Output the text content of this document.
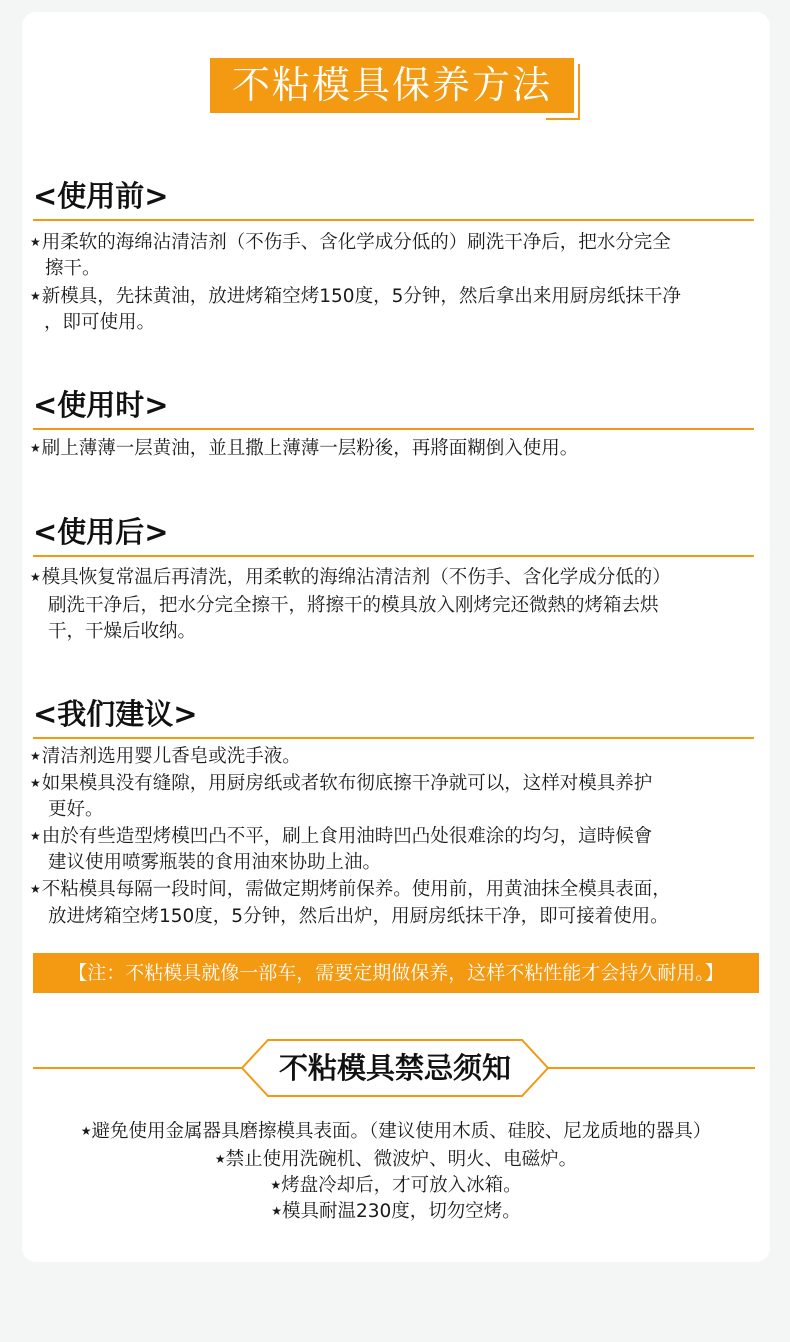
不粘模具保养方法
<使用前>
★用柔软的海绵沾清洁剂（不伤手、含化学成分低的）刷洗干净后，把水分完全
擦干。
★新模具，先抹黄油，放进烤箱空烤150度，5分钟，然后拿出来用厨房纸抹干净
，即可使用。
<使用时>
★刷上薄薄一层黄油，並且撒上薄薄一层粉後，再將面糊倒入使用。
<使用后>
★模具恢复常温后再清洗，用柔軟的海绵沾清洁剂（不伤手、含化学成分低的）
刷洗干净后，把水分完全擦干，將擦干的模具放入刚烤完还微熱的烤箱去烘
干，干燥后收纳。
<我们建议>
★清洁剂选用婴儿香皂或洗手液。
★如果模具没有缝隙，用厨房纸或者软布彻底擦干净就可以，这样对模具养护
更好。
★由於有些造型烤模凹凸不平，刷上食用油時凹凸处很难涂的均匀，這時候會
建议使用喷雾瓶裝的食用油來协助上油。
★不粘模具每隔一段时间，需做定期烤前保养。使用前，用黄油抹全模具表面，
放进烤箱空烤150度，5分钟，然后出炉，用厨房纸抹干净，即可接着使用。
【注：不粘模具就像一部车，需要定期做保养，这样不粘性能才会持久耐用。】
不粘模具禁忌须知
★避免使用金属器具磨擦模具表面。（建议使用木质、硅胶、尼龙质地的器具）
★禁止使用洗碗机、微波炉、明火、电磁炉。
★烤盘冷却后，才可放入冰箱。
★模具耐温230度，切勿空烤。
